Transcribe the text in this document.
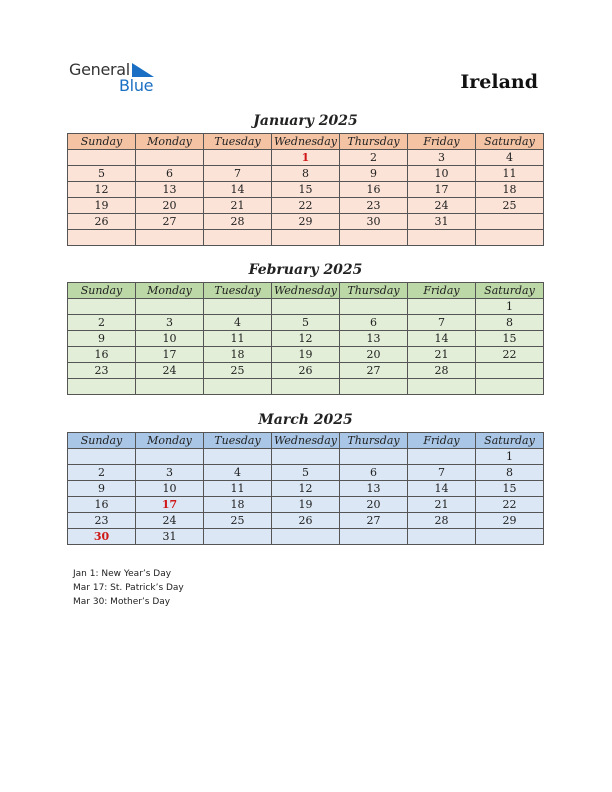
General
Blue	Ireland
January 2025
Sunday	Monday	Tuesday	Wednesday	Thursday	Friday	Saturday
			1	2	3	4
5	6	7	8	9	10	11
12	13	14	15	16	17	18
19	20	21	22	23	24	25
26	27	28	29	30	31	

February 2025
Sunday	Monday	Tuesday	Wednesday	Thursday	Friday	Saturday
						1
2	3	4	5	6	7	8
9	10	11	12	13	14	15
16	17	18	19	20	21	22
23	24	25	26	27	28	

March 2025
Sunday	Monday	Tuesday	Wednesday	Thursday	Friday	Saturday
						1
2	3	4	5	6	7	8
9	10	11	12	13	14	15
16	17	18	19	20	21	22
23	24	25	26	27	28	29
30	31					
Jan 1: New Year’s Day
Mar 17: St. Patrick’s Day
Mar 30: Mother’s Day
